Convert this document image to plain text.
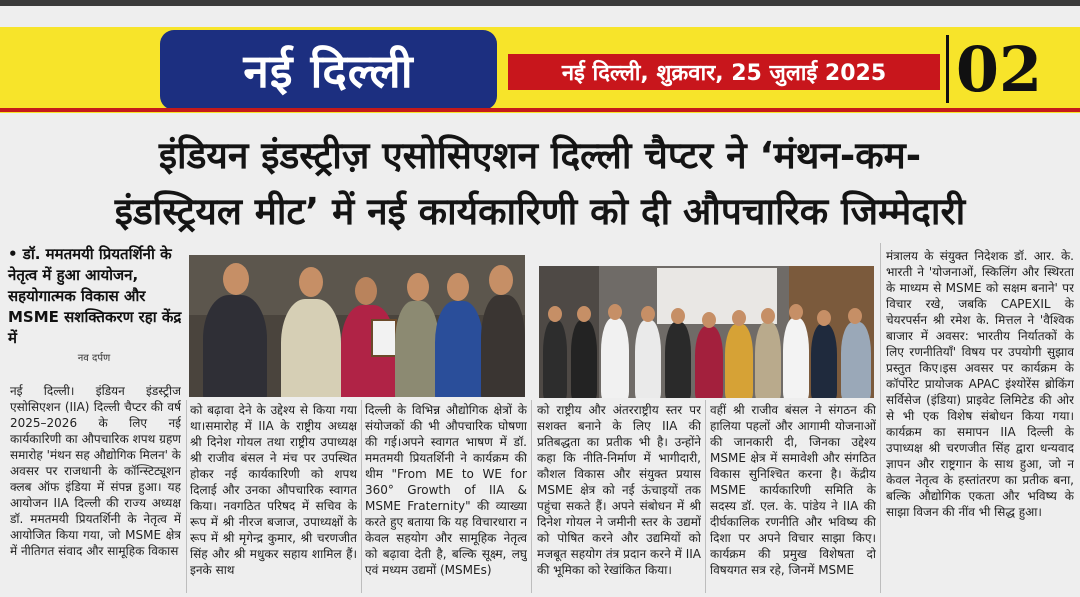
नई दिल्ली	नई दिल्ली, शुक्रवार, 25 जुलाई 2025	02
इंडियन इंडस्ट्रीज़ एसोसिएशन दिल्ली चैप्टर ने ‘मंथन-कम-
इंडस्ट्रियल मीट’ में नई कार्यकारिणी को दी औपचारिक जिम्मेदारी
• डॉ. ममतमयी प्रियतर्शिनी के नेतृत्व में हुआ आयोजन, सहयोगात्मक विकास और MSME सशक्तिकरण रहा केंद्र में
नव दर्पण
नई दिल्ली। इंडियन इंडस्ट्रीज एसोसिएशन (IIA) दिल्ली चैप्टर की वर्ष 2025–2026 के लिए नई कार्यकारिणी का औपचारिक शपथ ग्रहण समारोह 'मंथन सह औद्योगिक मिलन' के अवसर पर राजधानी के कॉन्स्टिट्यूशन क्लब ऑफ इंडिया में संपन्न हुआ। यह आयोजन IIA दिल्ली की राज्य अध्यक्ष डॉ. ममतमयी प्रियतर्शिनी के नेतृत्व में आयोजित किया गया, जो MSME क्षेत्र में नीतिगत संवाद और सामूहिक विकास
को बढ़ावा देने के उद्देश्य से किया गया था।समारोह में IIA के राष्ट्रीय अध्यक्ष श्री दिनेश गोयल तथा राष्ट्रीय उपाध्यक्ष श्री राजीव बंसल ने मंच पर उपस्थित होकर नई कार्यकारिणी को शपथ दिलाई और उनका औपचारिक स्वागत किया। नवगठित परिषद में सचिव के रूप में श्री नीरज बजाज, उपाध्यक्षों के रूप में श्री मृगेन्द्र कुमार, श्री चरणजीत सिंह और श्री मधुकर सहाय शामिल हैं। इनके साथ
दिल्ली के विभिन्न औद्योगिक क्षेत्रों के संयोजकों की भी औपचारिक घोषणा की गई।अपने स्वागत भाषण में डॉ. ममतमयी प्रियतर्शिनी ने कार्यक्रम की थीम "From ME to WE for 360° Growth of IIA & MSME Fraternity" की व्याख्या करते हुए बताया कि यह विचारधारा न केवल सहयोग और सामूहिक नेतृत्व को बढ़ावा देती है, बल्कि सूक्ष्म, लघु एवं मध्यम उद्यमों (MSMEs)
को राष्ट्रीय और अंतरराष्ट्रीय स्तर पर सशक्त बनाने के लिए IIA की प्रतिबद्धता का प्रतीक भी है। उन्होंने कहा कि नीति-निर्माण में भागीदारी, कौशल विकास और संयुक्त प्रयास MSME क्षेत्र को नई ऊंचाइयों तक पहुंचा सकते हैं। अपने संबोधन में श्री दिनेश गोयल ने जमीनी स्तर के उद्यमों को पोषित करने और उद्यमियों को मजबूत सहयोग तंत्र प्रदान करने में IIA की भूमिका को रेखांकित किया।
वहीं श्री राजीव बंसल ने संगठन की हालिया पहलों और आगामी योजनाओं की जानकारी दी, जिनका उद्देश्य MSME क्षेत्र में समावेशी और संगठित विकास सुनिश्चित करना है। केंद्रीय MSME कार्यकारिणी समिति के सदस्य डॉ. एल. के. पांडेय ने IIA की दीर्घकालिक रणनीति और भविष्य की दिशा पर अपने विचार साझा किए।कार्यक्रम की प्रमुख विशेषता दो विषयगत सत्र रहे, जिनमें MSME
मंत्रालय के संयुक्त निदेशक डॉ. आर. के. भारती ने 'योजनाओं, स्किलिंग और स्थिरता के माध्यम से MSME को सक्षम बनाने' पर विचार रखे, जबकि CAPEXIL के चेयरपर्सन श्री रमेश के. मित्तल ने 'वैश्विक बाजार में अवसर: भारतीय निर्यातकों के लिए रणनीतियाँ' विषय पर उपयोगी सुझाव प्रस्तुत किए।इस अवसर पर कार्यक्रम के कॉर्पोरेट प्रायोजक APAC इंश्योरेंस ब्रोकिंग सर्विसेज (इंडिया) प्राइवेट लिमिटेड की ओर से भी एक विशेष संबोधन किया गया। कार्यक्रम का समापन IIA दिल्ली के उपाध्यक्ष श्री चरणजीत सिंह द्वारा धन्यवाद ज्ञापन और राष्ट्रगान के साथ हुआ, जो न केवल नेतृत्व के हस्तांतरण का प्रतीक बना, बल्कि औद्योगिक एकता और भविष्य के साझा विजन की नींव भी सिद्ध हुआ।
